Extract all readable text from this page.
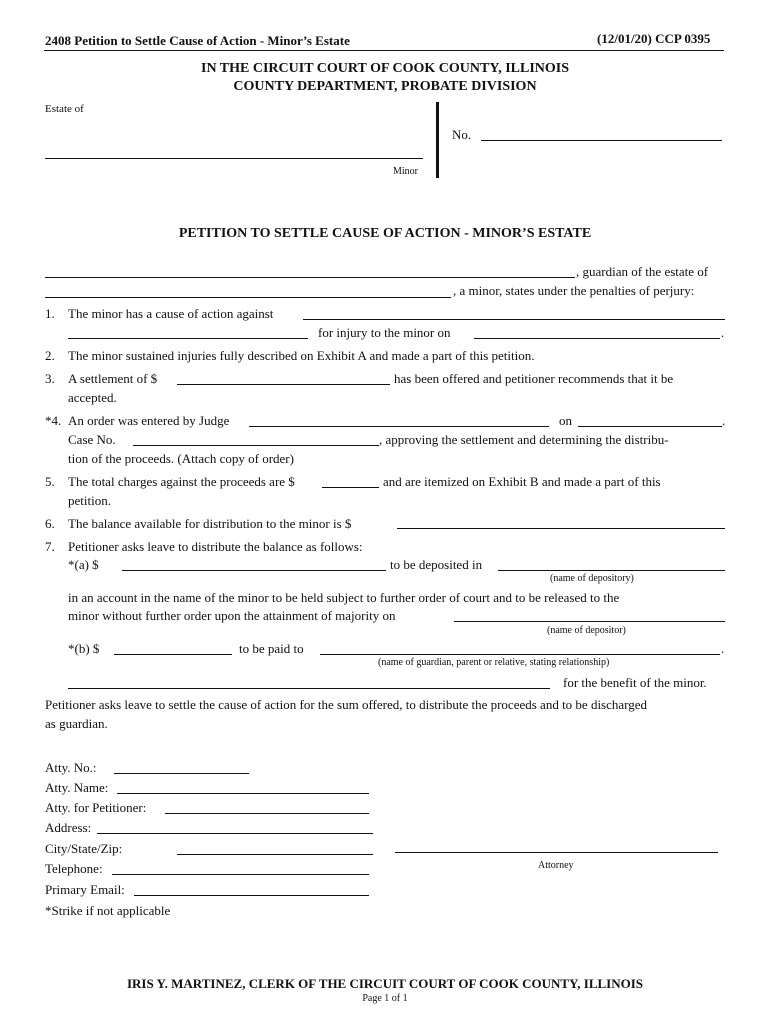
2408 Petition to Settle Cause of Action - Minor’s Estate	(12/01/20) CCP 0395
IN THE CIRCUIT COURT OF COOK COUNTY, ILLINOIS
COUNTY DEPARTMENT, PROBATE DIVISION
Estate of
Minor
No.
PETITION TO SETTLE CAUSE OF ACTION - MINOR’S ESTATE
, guardian of the estate of
, a minor, states under the penalties of perjury:
1. The minor has a cause of action against
for injury to the minor on	.
2. The minor sustained injuries fully described on Exhibit A and made a part of this petition.
3. A settlement of $	has been offered and petitioner recommends that it be
accepted.
*4. An order was entered by Judge	on	.
Case No.	, approving the settlement and determining the distribu-
tion of the proceeds. (Attach copy of order)
5. The total charges against the proceeds are $	and are itemized on Exhibit B and made a part of this
petition.
6. The balance available for distribution to the minor is $
7. Petitioner asks leave to distribute the balance as follows:
*(a) $	to be deposited in
(name of depository)
in an account in the name of the minor to be held subject to further order of court and to be released to the
minor without further order upon the attainment of majority on
(name of depositor)
*(b) $	to be paid to	.
(name of guardian, parent or relative, stating relationship)
for the benefit of the minor.
Petitioner asks leave to settle the cause of action for the sum offered, to distribute the proceeds and to be discharged
as guardian.
Atty. No.:
Atty. Name:
Atty. for Petitioner:
Address:
City/State/Zip:
Telephone:
Primary Email:
*Strike if not applicable
Attorney
IRIS Y. MARTINEZ, CLERK OF THE CIRCUIT COURT OF COOK COUNTY, ILLINOIS
Page 1 of 1
